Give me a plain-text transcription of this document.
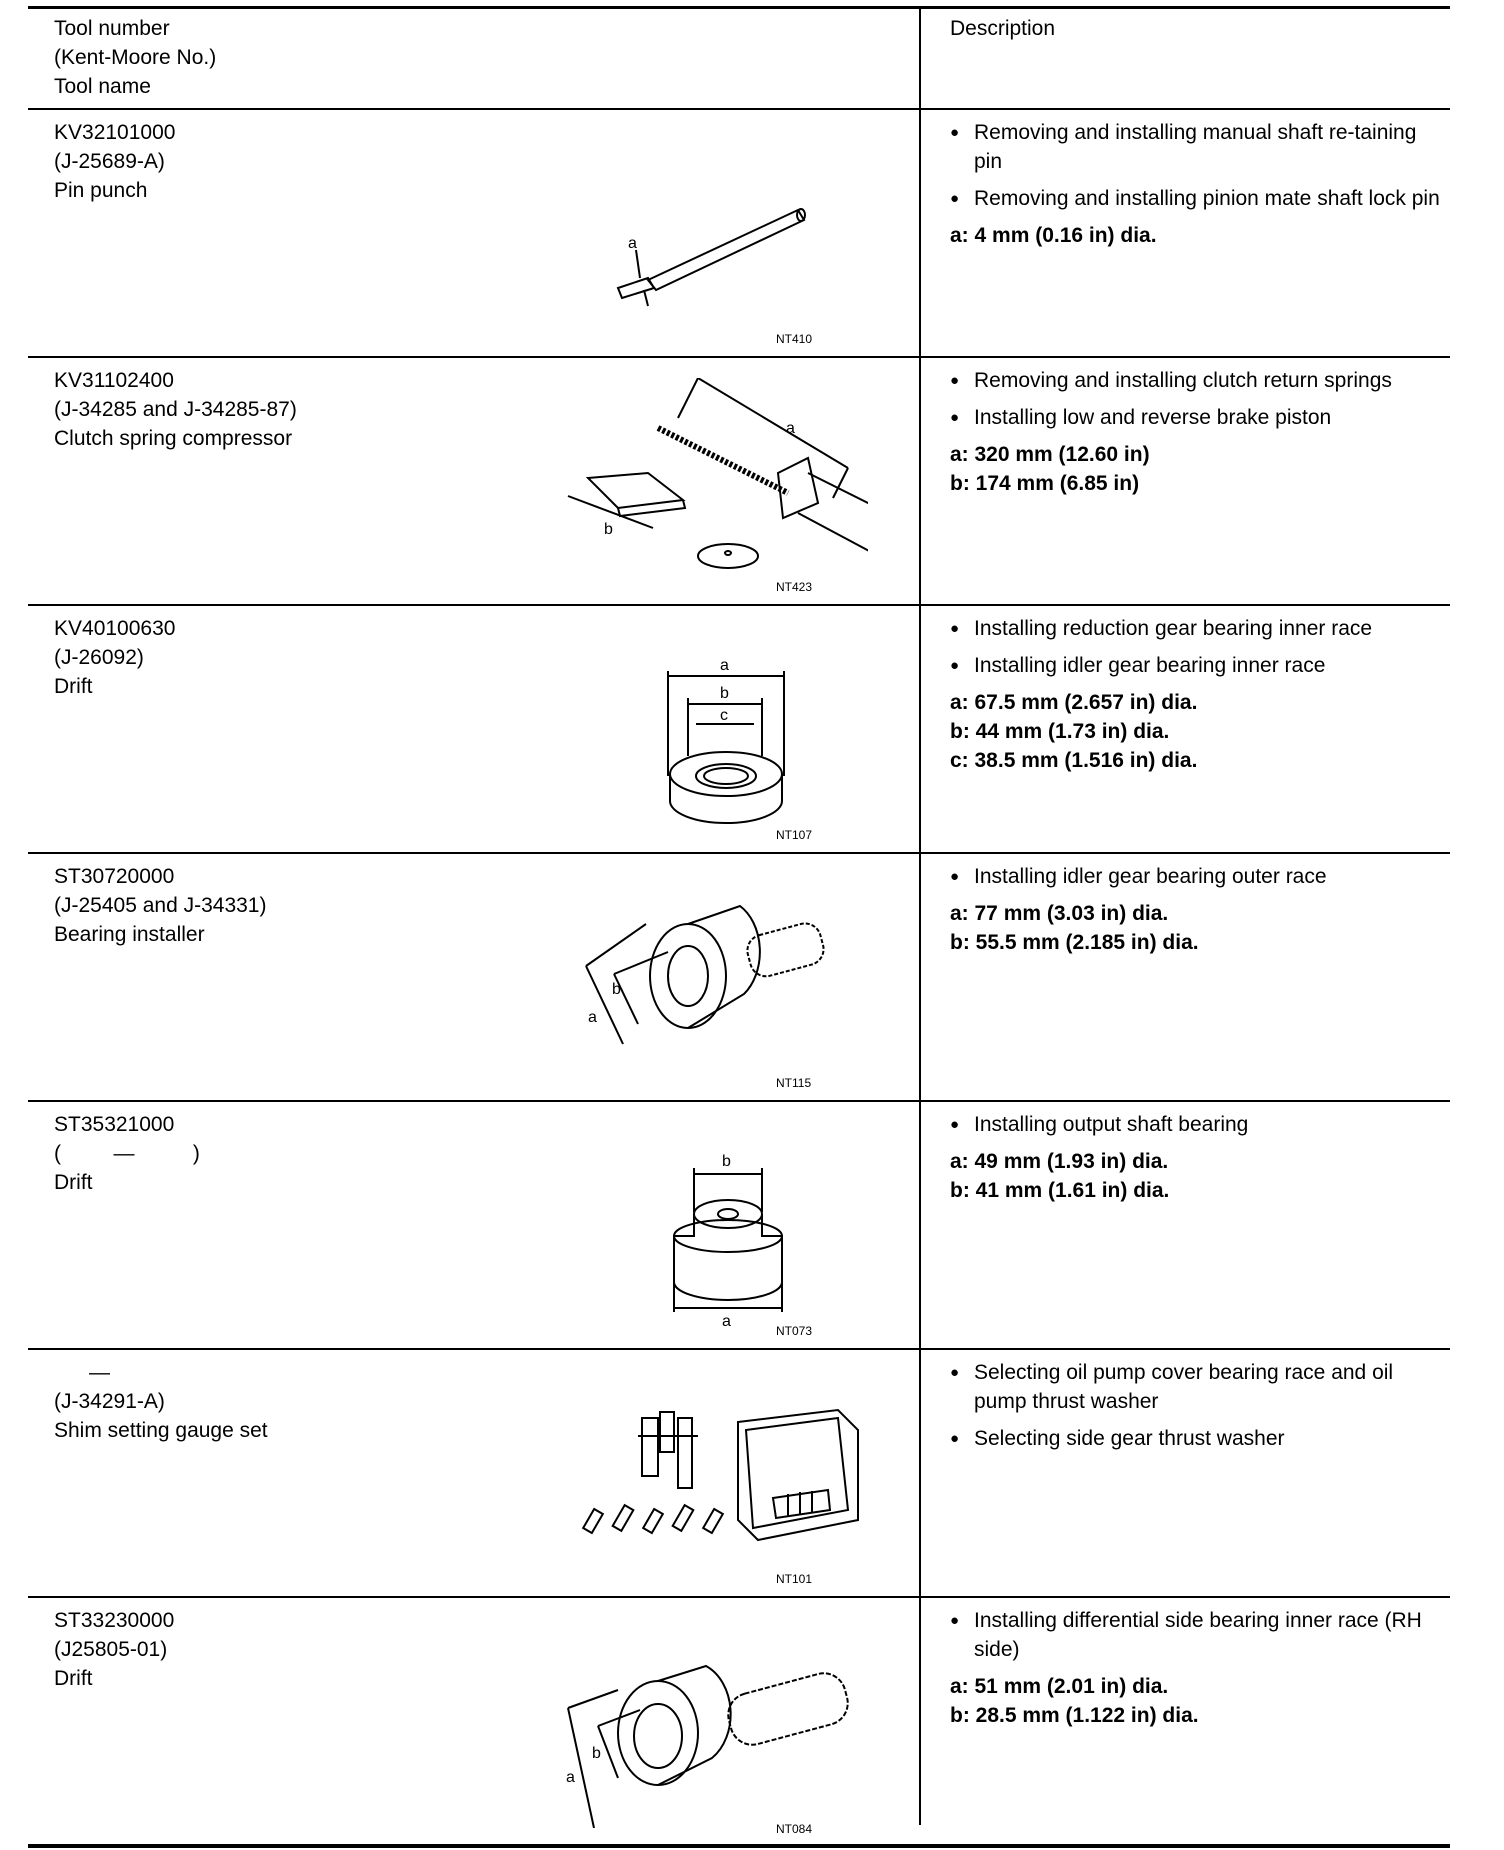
Tool number
(Kent-Moore No.)
Tool name
Description
KV32101000
(J-25689-A)
Pin punch
a
NT410
● Removing and installing manual shaft re-taining pin
● Removing and installing pinion mate shaft lock pin
a: 4 mm (0.16 in) dia.
KV31102400
(J-34285 and J-34285-87)
Clutch spring compressor	a
b
NT423
● Removing and installing clutch return springs
● Installing low and reverse brake piston
a: 320 mm (12.60 in)
b: 174 mm (6.85 in)
KV40100630
(J-26092)
Drift
a
b
c
NT107
● Installing reduction gear bearing inner race
● Installing idler gear bearing inner race
a: 67.5 mm (2.657 in) dia.
b: 44 mm (1.73 in) dia.
c: 38.5 mm (1.516 in) dia.
ST30720000
(J-25405 and J-34331)
Bearing installer
a
b
NT115
● Installing idler gear bearing outer race
a: 77 mm (3.03 in) dia.
b: 55.5 mm (2.185 in) dia.
ST35321000
(         —          )
Drift
b
a
NT073
● Installing output shaft bearing
a: 49 mm (1.93 in) dia.
b: 41 mm (1.61 in) dia.
—
(J-34291-A)
Shim setting gauge set
NT101
● Selecting oil pump cover bearing race and oil pump thrust washer
● Selecting side gear thrust washer
ST33230000
(J25805-01)
Drift
a
b
NT084
● Installing differential side bearing inner race (RH side)
a: 51 mm (2.01 in) dia.
b: 28.5 mm (1.122 in) dia.
